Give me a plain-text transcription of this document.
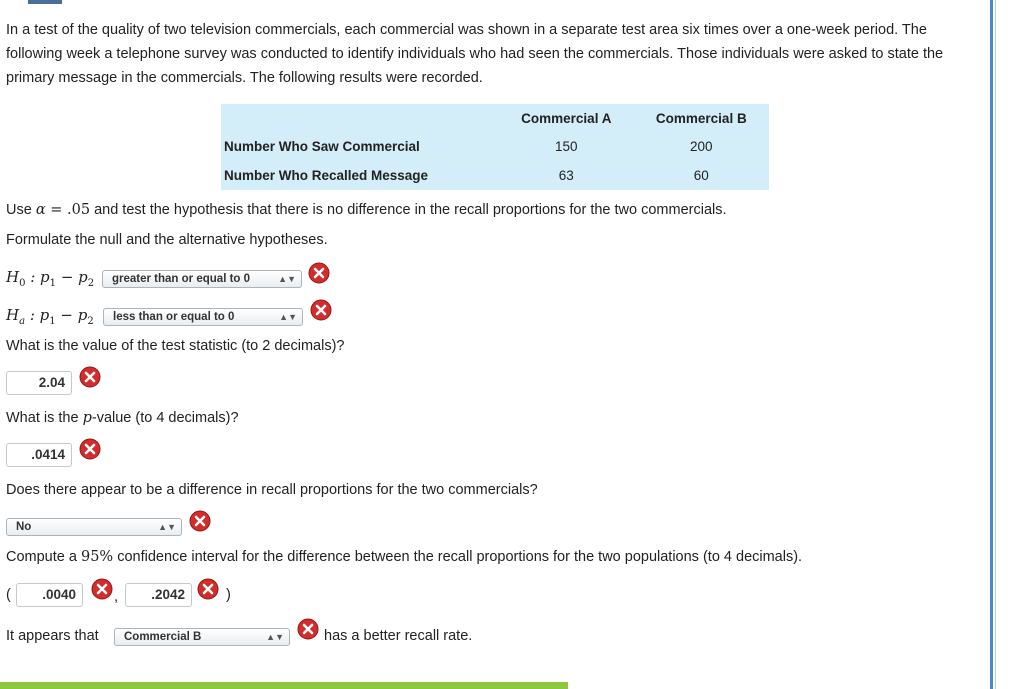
In a test of the quality of two television commercials, each commercial was shown in a separate test area six times over a one-week period. The following week a telephone survey was conducted to identify individuals who had seen the commercials. Those individuals were asked to state the primary message in the commercials. The following results were recorded.
	Commercial A	Commercial B
Number Who Saw Commercial	150	200
Number Who Recalled Message	63	60
Use α = .05 and test the hypothesis that there is no difference in the recall proportions for the two commercials.
Formulate the null and the alternative hypotheses.
$H_0$ : $p_1 - p_2$	greater than or equal to 0	▲▼
$H_a$ : $p_1 - p_2$	less than or equal to 0	▲▼
What is the value of the test statistic (to 2 decimals)?
2.04
What is the p-value (to 4 decimals)?
.0414
Does there appear to be a difference in recall proportions for the two commercials?
No	▲▼
Compute a 95% confidence interval for the difference between the recall proportions for the two populations (to 4 decimals).
(	.0040	,	.2042	)
It appears that	Commercial B	▲▼	has a better recall rate.
